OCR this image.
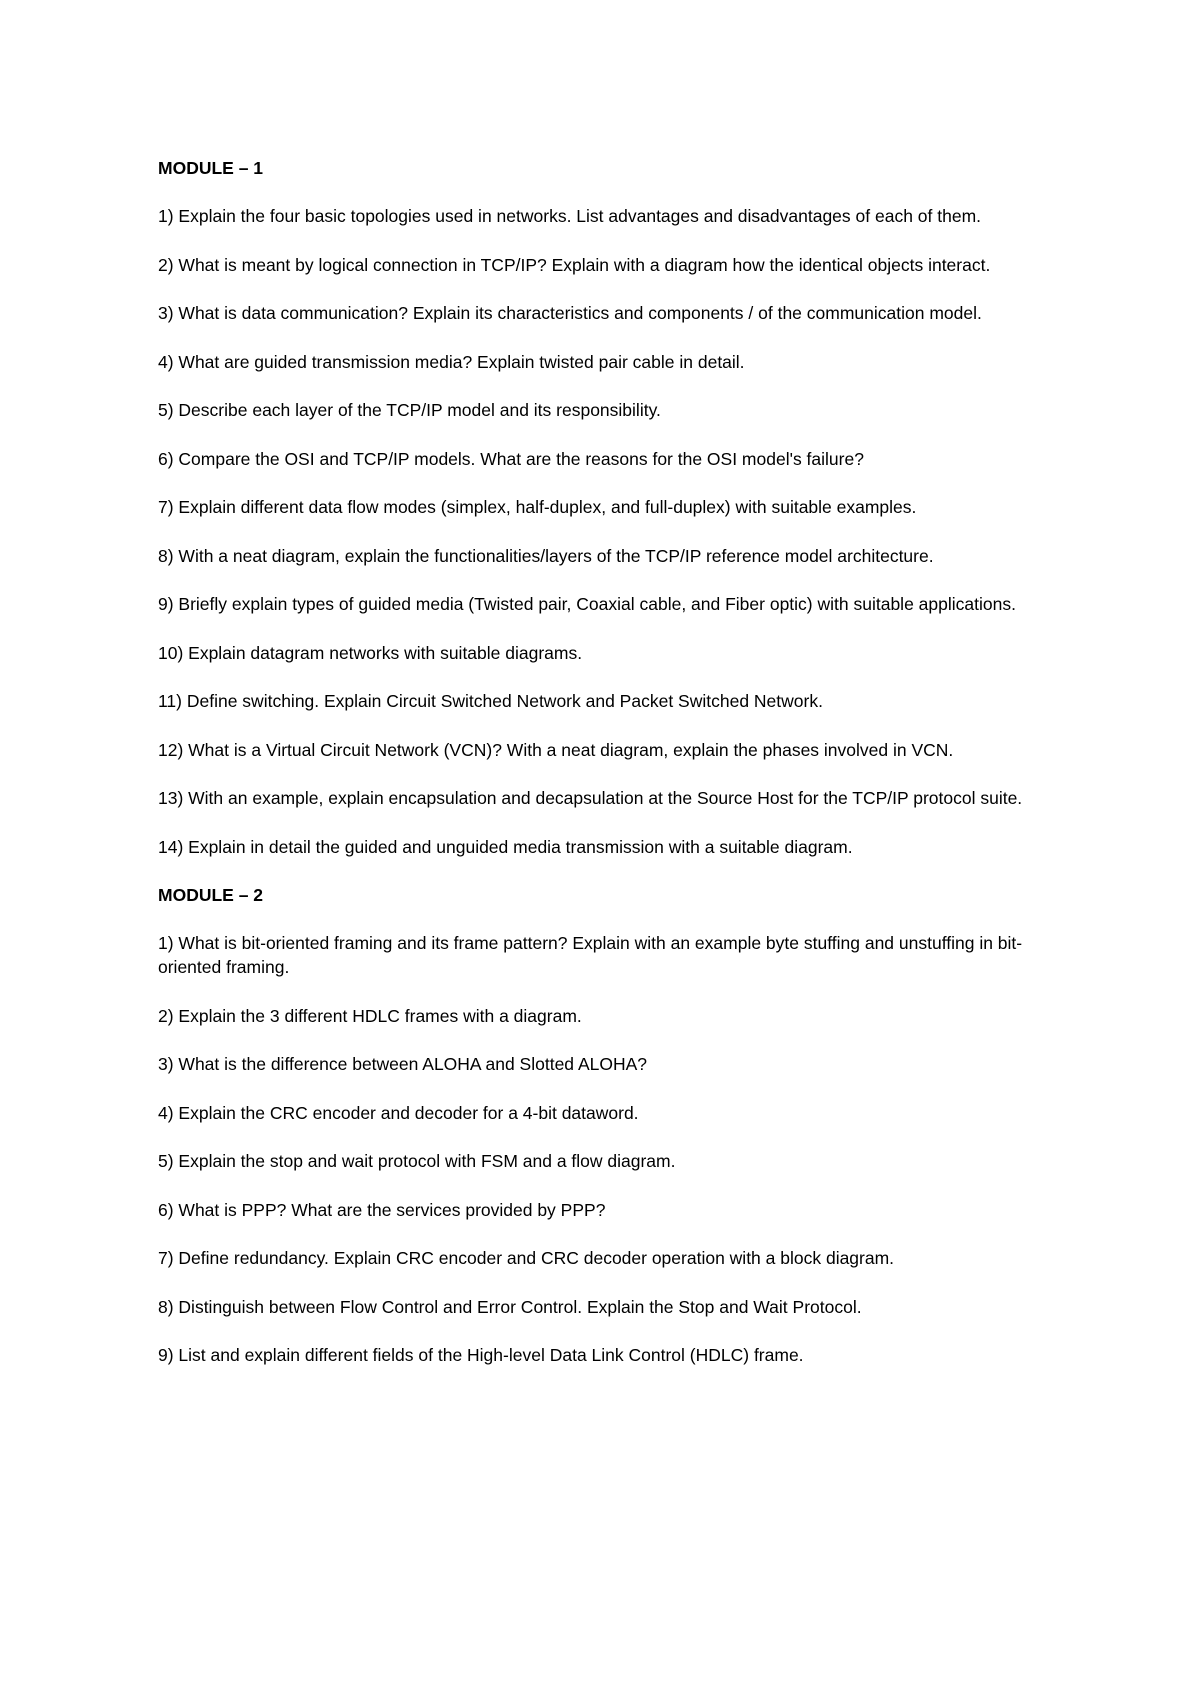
MODULE – 1
1) Explain the four basic topologies used in networks. List advantages and disadvantages of each of them.
2) What is meant by logical connection in TCP/IP? Explain with a diagram how the identical objects interact.
3) What is data communication? Explain its characteristics and components / of the communication model.
4) What are guided transmission media? Explain twisted pair cable in detail.
5) Describe each layer of the TCP/IP model and its responsibility.
6) Compare the OSI and TCP/IP models. What are the reasons for the OSI model's failure?
7) Explain different data flow modes (simplex, half-duplex, and full-duplex) with suitable examples.
8) With a neat diagram, explain the functionalities/layers of the TCP/IP reference model architecture.
9) Briefly explain types of guided media (Twisted pair, Coaxial cable, and Fiber optic) with suitable applications.
10) Explain datagram networks with suitable diagrams.
11) Define switching. Explain Circuit Switched Network and Packet Switched Network.
12) What is a Virtual Circuit Network (VCN)? With a neat diagram, explain the phases involved in VCN.
13) With an example, explain encapsulation and decapsulation at the Source Host for the TCP/IP protocol suite.
14) Explain in detail the guided and unguided media transmission with a suitable diagram.
MODULE – 2
1) What is bit-oriented framing and its frame pattern? Explain with an example byte stuffing and unstuffing in bit-oriented framing.
2) Explain the 3 different HDLC frames with a diagram.
3) What is the difference between ALOHA and Slotted ALOHA?
4) Explain the CRC encoder and decoder for a 4-bit dataword.
5) Explain the stop and wait protocol with FSM and a flow diagram.
6) What is PPP? What are the services provided by PPP?
7) Define redundancy. Explain CRC encoder and CRC decoder operation with a block diagram.
8) Distinguish between Flow Control and Error Control. Explain the Stop and Wait Protocol.
9) List and explain different fields of the High-level Data Link Control (HDLC) frame.
